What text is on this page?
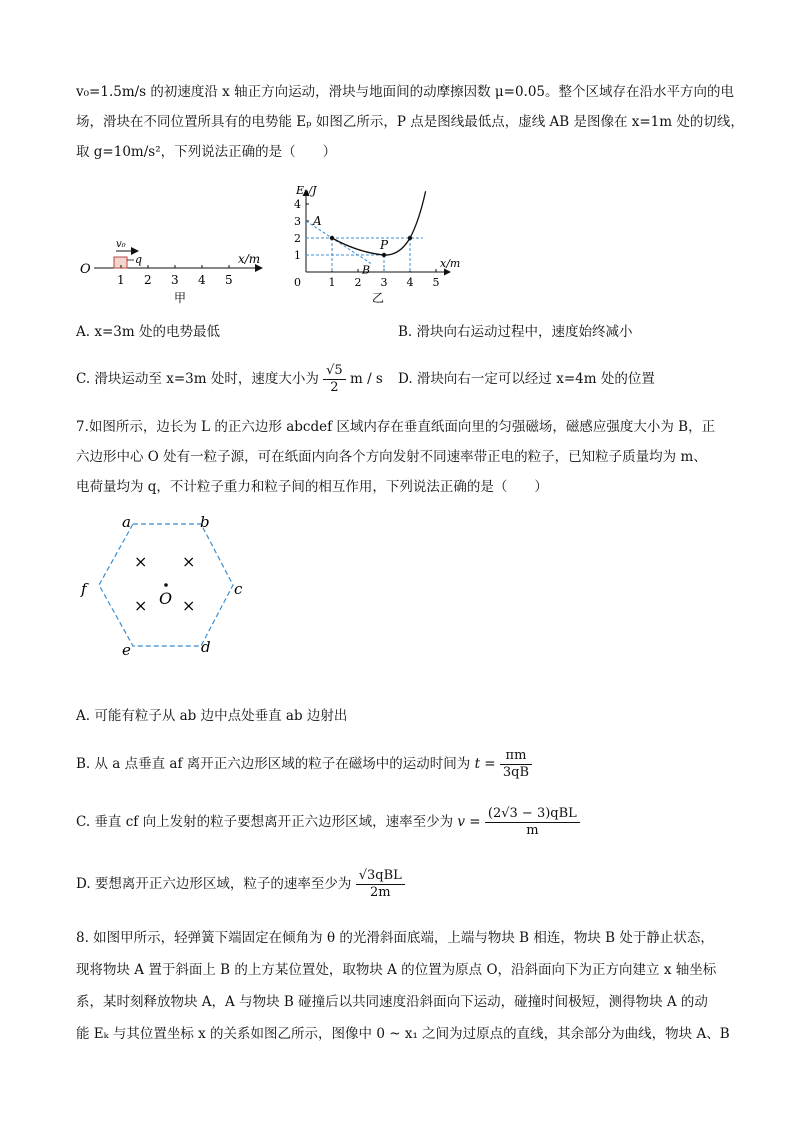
v₀=1.5m/s 的初速度沿 x 轴正方向运动，滑块与地面间的动摩擦因数 μ=0.05。整个区域存在沿水平方向的电
场，滑块在不同位置所具有的电势能 Eₚ 如图乙所示，P 点是图线最低点，虚线 AB 是图像在 x=1m 处的切线，
取 g=10m/s²，下列说法正确的是（　　）
O
v₀
q	x/m
1 2 3 4 5
甲
1 2 3 4 5
1
2
3
4
0
Eₚ/J
x/m
乙
P
A
B
A. x=3m 处的电势最低	B. 滑块向右运动过程中，速度始终减小
C. 滑块运动至 x=3m 处时，速度大小为 $\frac{√5}{2}$ m / s D. 滑块向右一定可以经过 x=4m 处的位置
7.如图所示，边长为 L 的正六边形 abcdef 区域内存在垂直纸面向里的匀强磁场，磁感应强度大小为 B，正
六边形中心 O 处有一粒子源，可在纸面内向各个方向发射不同速率带正电的粒子，已知粒子质量均为 m、
电荷量均为 q，不计粒子重力和粒子间的相互作用，下列说法正确的是（　　）
a	b
c
d
e
f
× ×
× ×
O
A. 可能有粒子从 ab 边中点处垂直 ab 边射出
B. 从 a 点垂直 af 离开正六边形区域的粒子在磁场中的运动时间为 $t = \frac{\pi m}{3qB}$
C. 垂直 cf 向上发射的粒子要想离开正六边形区域，速率至少为 $v = \frac{\text{(2√3 − 3)qBL}}{m}$
D. 要想离开正六边形区域，粒子的速率至少为 $\frac{\text{√3qBL}}{2m}$
8. 如图甲所示，轻弹簧下端固定在倾角为 θ 的光滑斜面底端，上端与物块 B 相连，物块 B 处于静止状态，
现将物块 A 置于斜面上 B 的上方某位置处，取物块 A 的位置为原点 O，沿斜面向下为正方向建立 x 轴坐标
系，某时刻释放物块 A，A 与物块 B 碰撞后以共同速度沿斜面向下运动，碰撞时间极短，测得物块 A 的动
能 Eₖ 与其位置坐标 x 的关系如图乙所示，图像中 0 ~ x₁ 之间为过原点的直线，其余部分为曲线，物块 A、B
